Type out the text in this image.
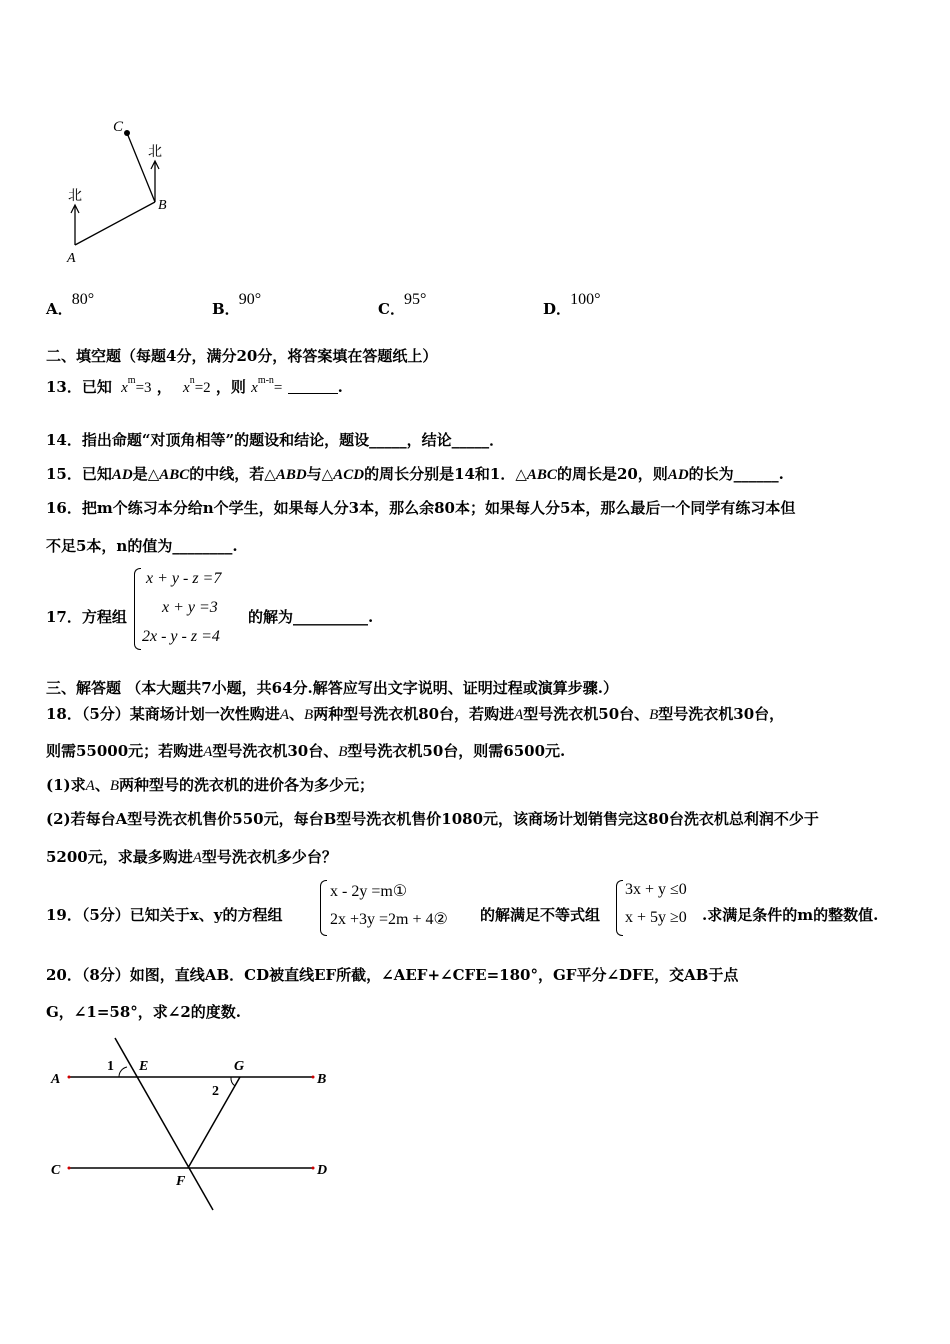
C
北
北
B
A
A． 80°
B． 90°
C． 95°
D． 100°
二、填空题（每题4分，满分20分，将答案填在答题纸上）
13．已知 $x^m=3$ ， $x^n=2$ ，则 $x^{m-n}=$	.
14．指出命题“对顶角相等”的题设和结论，题设_____，结论_____．
15．已知AD是△ABC的中线，若△ABD与△ACD的周长分别是14和1．△ABC的周长是20，则AD的长为______.
16．把m个练习本分给n个学生，如果每人分3本，那么余80本；如果每人分5本，那么最后一个同学有练习本但
不足5本，n的值为________.
17．方程组
x + y - z =7
x + y =3
2x - y - z =4
的解为__________.
三、解答题 （本大题共7小题，共64分.解答应写出文字说明、证明过程或演算步骤.）
18．（5分）某商场计划一次性购进A、B两种型号洗衣机80台，若购进A型号洗衣机50台、B型号洗衣机30台，
则需55000元；若购进A型号洗衣机30台、B型号洗衣机50台，则需6500元.
(1)求A、B两种型号的洗衣机的进价各为多少元；
(2)若每台A型号洗衣机售价550元，每台B型号洗衣机售价1080元，该商场计划销售完这80台洗衣机总利润不少于
5200元，求最多购进A型号洗衣机多少台？
19．（5分）已知关于x、y的方程组
x - 2y =m①
2x +3y =2m + 4② 的解满足不等式组
3x + y ≤0
x + 5y ≥0 .求满足条件的m的整数值.
20．（8分）如图，直线AB．CD被直线EF所截，∠AEF+∠CFE=180°，GF平分∠DFE，交AB于点
G，∠1=58°，求∠2的度数.
A
1 E	G
2
B
C
F
D
